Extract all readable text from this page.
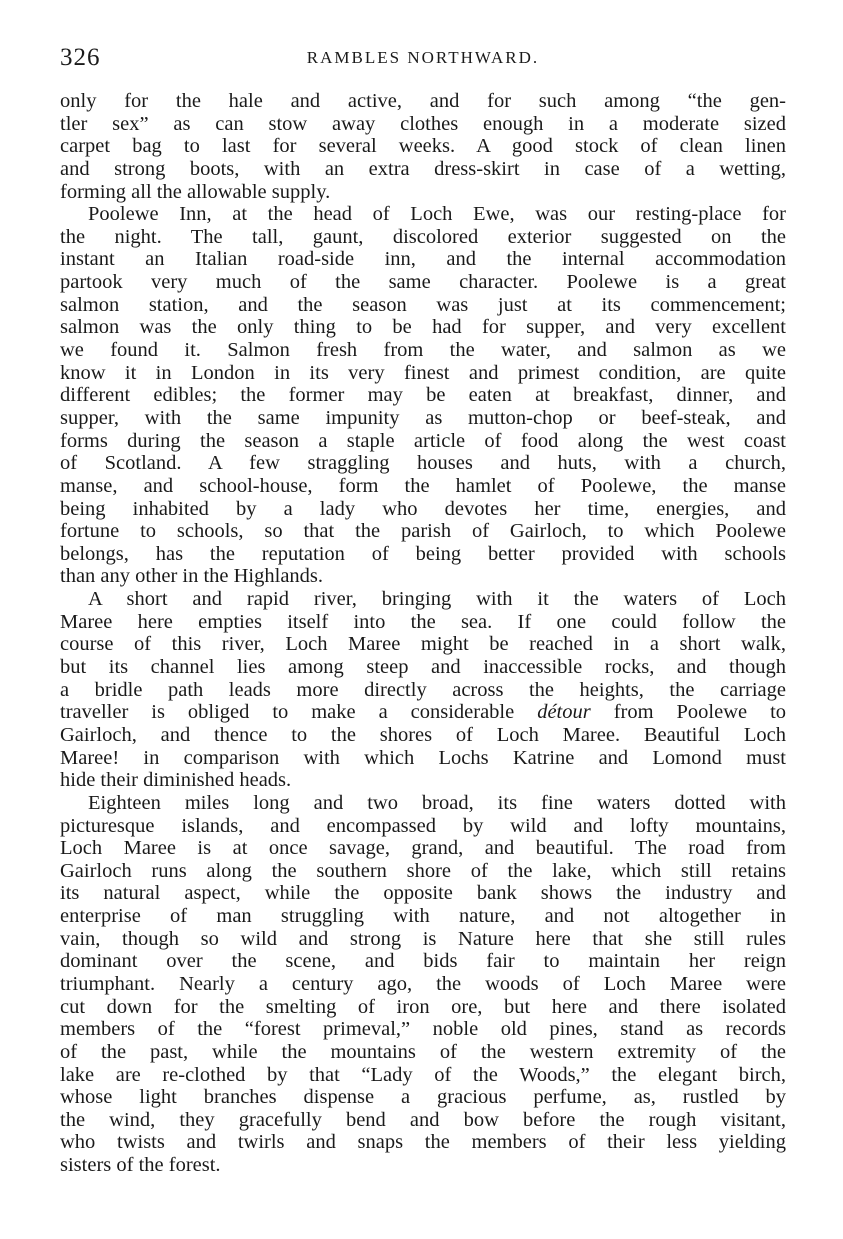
326	RAMBLES NORTHWARD.
only for the hale and active, and for such among “the gen-
tler sex” as can stow away clothes enough in a moderate sized
carpet bag to last for several weeks. A good stock of clean linen
and strong boots, with an extra dress-skirt in case of a wetting,
forming all the allowable supply.
Poolewe Inn, at the head of Loch Ewe, was our resting-place for
the night. The tall, gaunt, discolored exterior suggested on the
instant an Italian road-side inn, and the internal accommodation
partook very much of the same character. Poolewe is a great
salmon station, and the season was just at its commencement;
salmon was the only thing to be had for supper, and very excellent
we found it. Salmon fresh from the water, and salmon as we
know it in London in its very finest and primest condition, are quite
different edibles; the former may be eaten at breakfast, dinner, and
supper, with the same impunity as mutton-chop or beef-steak, and
forms during the season a staple article of food along the west coast
of Scotland. A few straggling houses and huts, with a church,
manse, and school-house, form the hamlet of Poolewe, the manse
being inhabited by a lady who devotes her time, energies, and
fortune to schools, so that the parish of Gairloch, to which Poolewe
belongs, has the reputation of being better provided with schools
than any other in the Highlands.
A short and rapid river, bringing with it the waters of Loch
Maree here empties itself into the sea. If one could follow the
course of this river, Loch Maree might be reached in a short walk,
but its channel lies among steep and inaccessible rocks, and though
a bridle path leads more directly across the heights, the carriage
traveller is obliged to make a considerable détour from Poolewe to
Gairloch, and thence to the shores of Loch Maree. Beautiful Loch
Maree! in comparison with which Lochs Katrine and Lomond must
hide their diminished heads.
Eighteen miles long and two broad, its fine waters dotted with
picturesque islands, and encompassed by wild and lofty mountains,
Loch Maree is at once savage, grand, and beautiful. The road from
Gairloch runs along the southern shore of the lake, which still retains
its natural aspect, while the opposite bank shows the industry and
enterprise of man struggling with nature, and not altogether in
vain, though so wild and strong is Nature here that she still rules
dominant over the scene, and bids fair to maintain her reign
triumphant. Nearly a century ago, the woods of Loch Maree were
cut down for the smelting of iron ore, but here and there isolated
members of the “forest primeval,” noble old pines, stand as records
of the past, while the mountains of the western extremity of the
lake are re-clothed by that “Lady of the Woods,” the elegant birch,
whose light branches dispense a gracious perfume, as, rustled by
the wind, they gracefully bend and bow before the rough visitant,
who twists and twirls and snaps the members of their less yielding
sisters of the forest.
